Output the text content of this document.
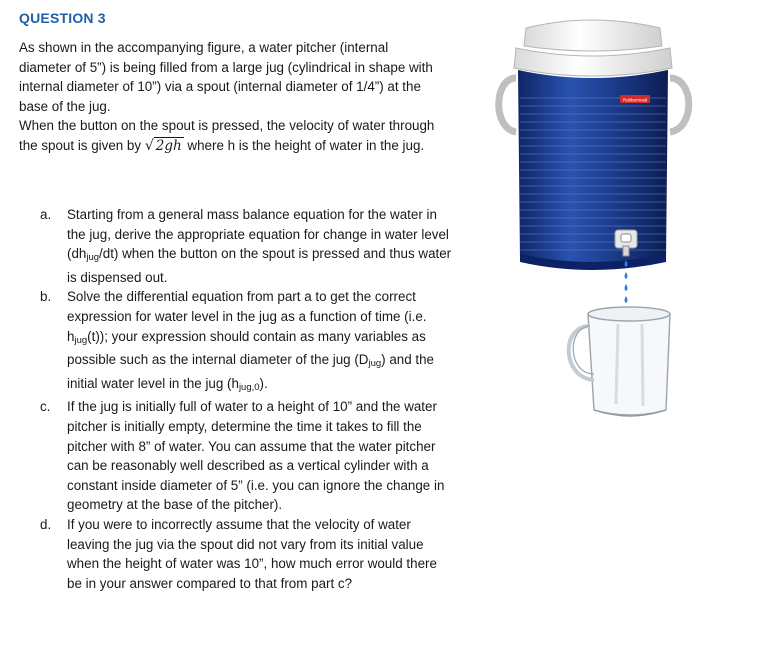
QUESTION 3

As shown in the accompanying figure, a water pitcher (internal diameter of 5”) is being filled from a large jug (cylindrical in shape with internal diameter of 10”) via a spout (internal diameter of 1/4”) at the base of the jug.

When the button on the spout is pressed, the velocity of water through the spout is given by √ 2gh where h is the height of water in the jug.

a. Starting from a general mass balance equation for the water in the jug, derive the appropriate equation for change in water level $(dh_{jug}/dt)$ when the button on the spout is pressed and thus water is dispensed out.
b. Solve the differential equation from part a to get the correct expression for water level in the jug as a function of time (i.e. $h_{jug}(t)$); your expression should contain as many variables as possible such as the internal diameter of the jug $(D_{jug})$ and the initial water level in the jug $(h_{jug,0})$.
c. If the jug is initially full of water to a height of 10” and the water pitcher is initially empty, determine the time it takes to fill the pitcher with 8” of water. You can assume that the water pitcher can be reasonably well described as a vertical cylinder with a constant inside diameter of 5” (i.e. you can ignore the change in geometry at the base of the pitcher).
d. If you were to incorrectly assume that the velocity of water leaving the jug via the spout did not vary from its initial value when the height of water was 10”, how much error would there be in your answer compared to that from part c?
Rubbermaid
